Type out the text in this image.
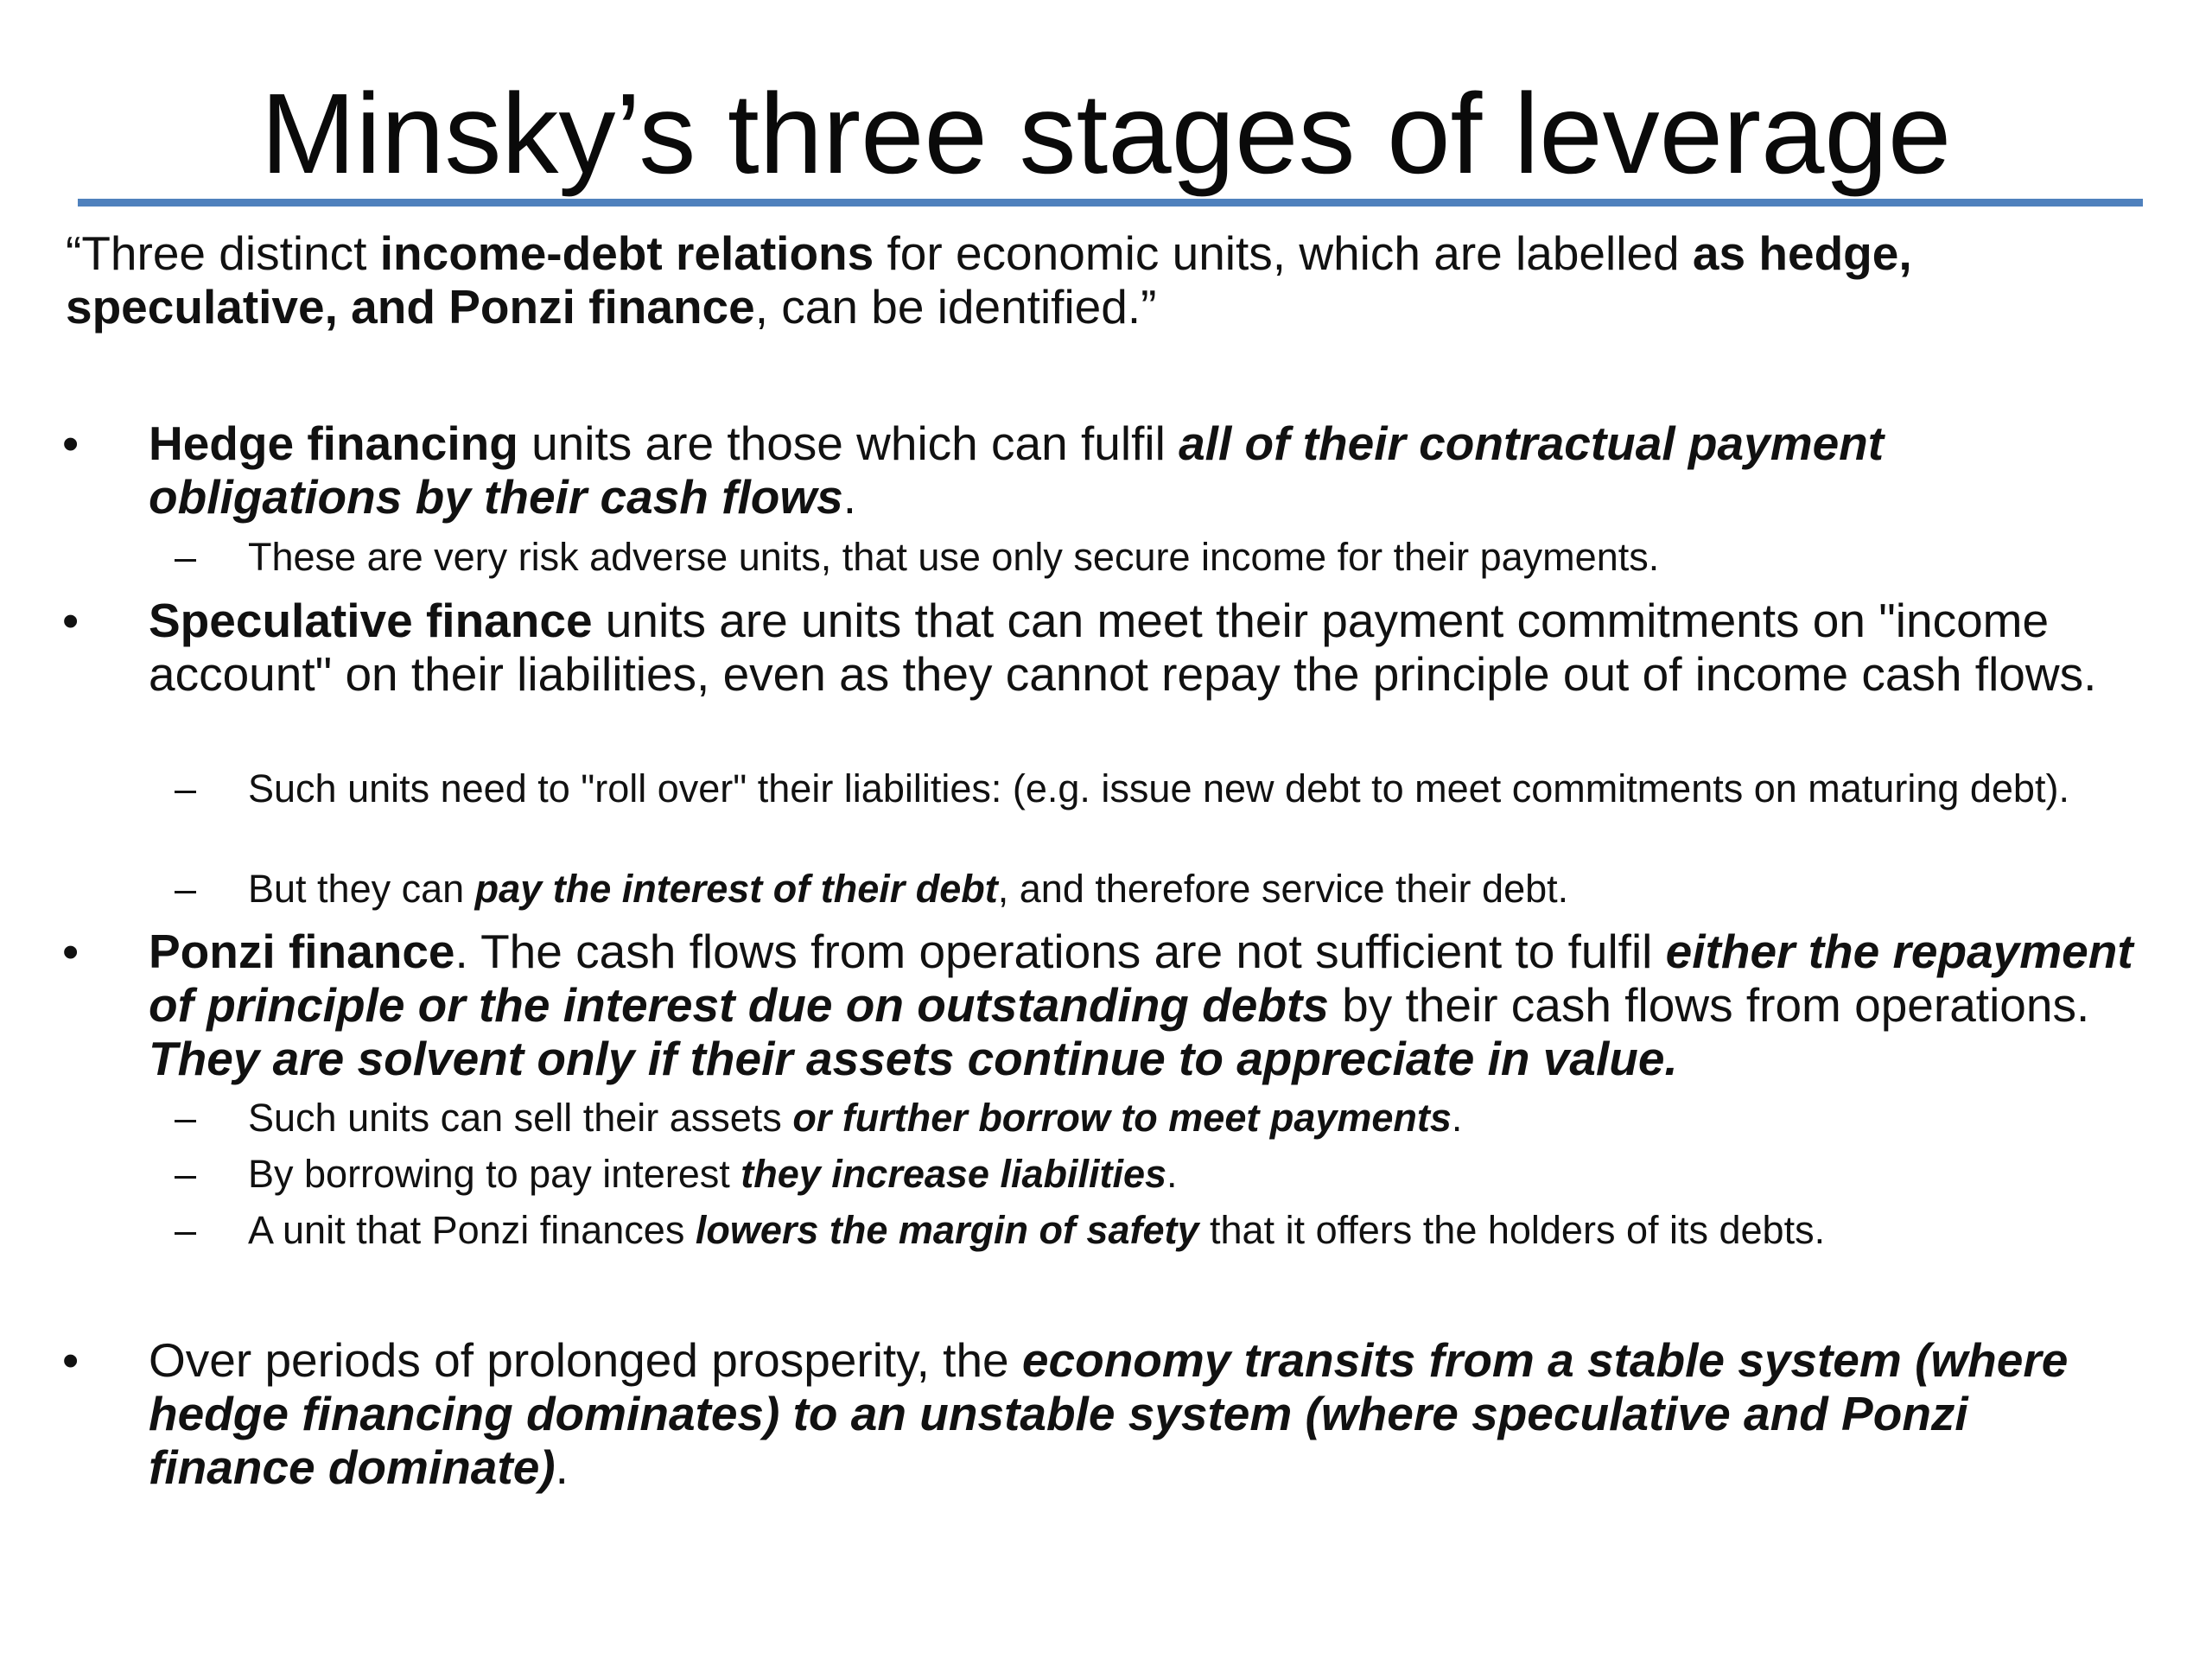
Minsky’s three stages of leverage

“Three distinct income-debt relations for economic units, which are labelled as hedge, speculative, and Ponzi finance, can be identified.”

•	Hedge financing units are those which can fulfil all of their contractual payment obligations by their cash flows.
–	These are very risk adverse units, that use only secure income for their payments.
•	Speculative finance units are units that can meet their payment commitments on "income account" on their liabilities, even as they cannot repay the principle out of income cash flows.
–	Such units need to "roll over" their liabilities: (e.g. issue new debt to meet commitments on maturing debt).
–	But they can pay the interest of their debt, and therefore service their debt.
•	Ponzi finance. The cash flows from operations are not sufficient to fulfil either the repayment of principle or the interest due on outstanding debts by their cash flows from operations. They are solvent only if their assets continue to appreciate in value.
–	Such units can sell their assets or further borrow to meet payments.
–	By borrowing to pay interest they increase liabilities.
–	A unit that Ponzi finances lowers the margin of safety that it offers the holders of its debts.
•	Over periods of prolonged prosperity, the economy transits from a stable system (where hedge financing dominates) to an unstable system (where speculative and Ponzi finance dominate).
